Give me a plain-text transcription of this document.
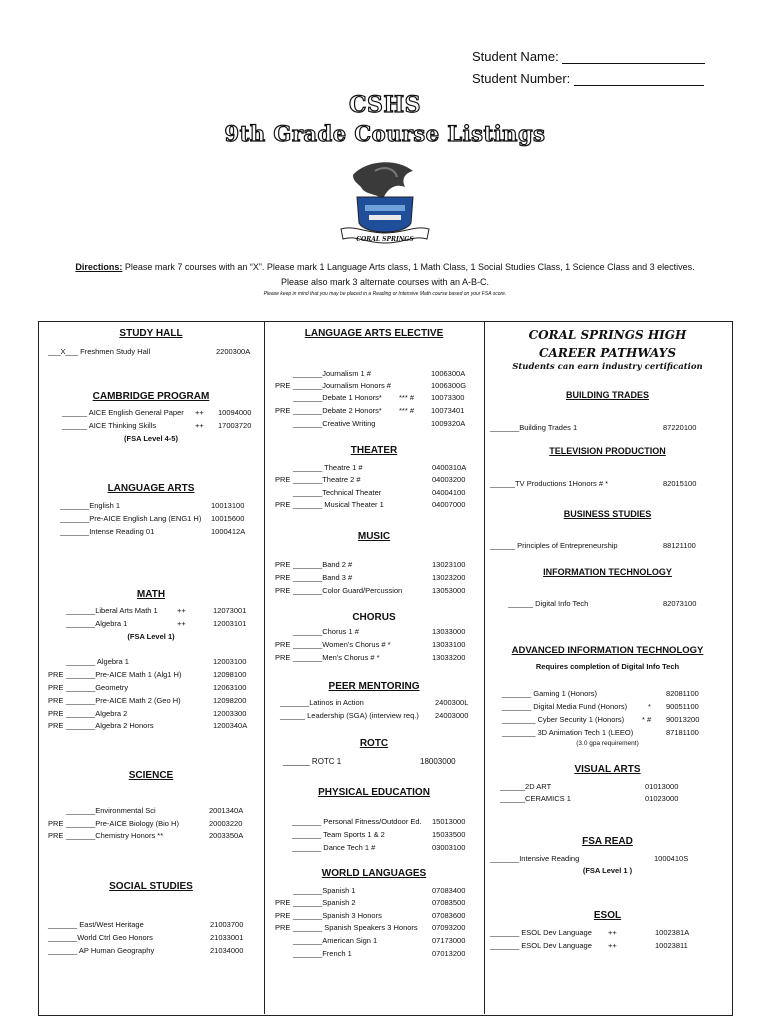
Student Name:
Student Number:
CSHS
9th Grade Course Listings
CORAL SPRINGS
Directions: Please mark 7 courses with an “X”. Please mark 1 Language Arts class, 1 Math Class, 1 Social Studies Class, 1 Science Class and 3 electives.
Please also mark 3 alternate courses with an A-B-C.
Please keep in mind that you may be placed in a Reading or Intensive Math course based on your FSA score.
STUDY HALL
___X___ Freshmen Study Hall	2200300A
CAMBRIDGE PROGRAM
______ AICE English General Paper ++ 10094000
______ AICE Thinking Skills	++ 17003720
(FSA Level 4-5)
LANGUAGE ARTS
_______English 1	10013100
_______Pre-AICE English Lang (ENG1 H) 10015600
_______Intense Reading 01	1000412A
MATH
_______Liberal Arts Math 1	++	12073001
_______Algebra 1	++	12003101
(FSA Level 1)
_______ Algebra 1	12003100
PRE _______Pre-AICE Math 1 (Alg1 H)	12098100
PRE _______Geometry	12063100
PRE _______Pre-AICE Math 2 (Geo H)	12098200
PRE _______Algebra 2	12003300
PRE _______Algebra 2 Honors	1200340A
SCIENCE
_______Environmental Sci	2001340A
PRE _______Pre-AICE Biology (Bio H)	20003220
PRE _______Chemistry Honors **	2003350A
SOCIAL STUDIES
_______ East/West Heritage	21003700
_______World Ctrl Geo Honors	21033001
_______ AP Human Geography	21034000
LANGUAGE ARTS ELECTIVE
_______Journalism 1 #	1006300A
PRE _______Journalism Honors #	1006300G
_______Debate 1 Honors* *** # 10073300
PRE _______Debate 2 Honors* *** # 10073401
_______Creative Writing	1009320A
THEATER
_______ Theatre 1 #	0400310A
PRE _______Theatre 2 #	04003200
_______Technical Theater	04004100
PRE _______ Musical Theater 1	04007000
MUSIC
PRE _______Band 2 #	13023100
PRE _______Band 3 #	13023200
PRE _______Color Guard/Percussion	13053000
CHORUS
_______Chorus 1 #	13033000
PRE _______Women's Chorus # *	13033100
PRE _______Men's Chorus # *	13033200
PEER MENTORING
_______Latinos in Action	2400300L
______ Leadership (SGA) (interview req.) 24003000
ROTC
______ ROTC 1	18003000
PHYSICAL EDUCATION
_______ Personal Fitness/Outdoor Ed. 15013000
_______ Team Sports 1 & 2	15033500
_______ Dance Tech 1 #	03003100
WORLD LANGUAGES
_______Spanish 1	07083400
PRE _______Spanish 2	07083500
PRE _______Spanish 3 Honors	07083600
PRE _______ Spanish Speakers 3 Honors 07093200
_______American Sign 1	07173000
_______French 1	07013200
CORAL SPRINGS HIGH
CAREER PATHWAYS
Students can earn industry certification
BUILDING TRADES
_______Building Trades 1	87220100
TELEVISION PRODUCTION
______TV Productions 1Honors # *	82015100
BUSINESS STUDIES
______ Principles of Entrepreneurship	88121100
INFORMATION TECHNOLOGY
______ Digital Info Tech	82073100
ADVANCED INFORMATION TECHNOLOGY
Requires completion of Digital Info Tech
_______ Gaming 1 (Honors)	82081100
_______ Digital Media Fund (Honors)	* 90051100
________ Cyber Security 1 (Honors) * # 90013200
________ 3D Animation Tech 1 (LEEO)	87181100
(3.0 gpa requirement)
VISUAL ARTS
______2D ART	01013000
______CERAMICS 1	01023000
FSA READ
_______Intensive Reading	1000410S
(FSA Level 1 )
ESOL
_______ ESOL Dev Language ++	1002381A
_______ ESOL Dev Language ++	10023811
